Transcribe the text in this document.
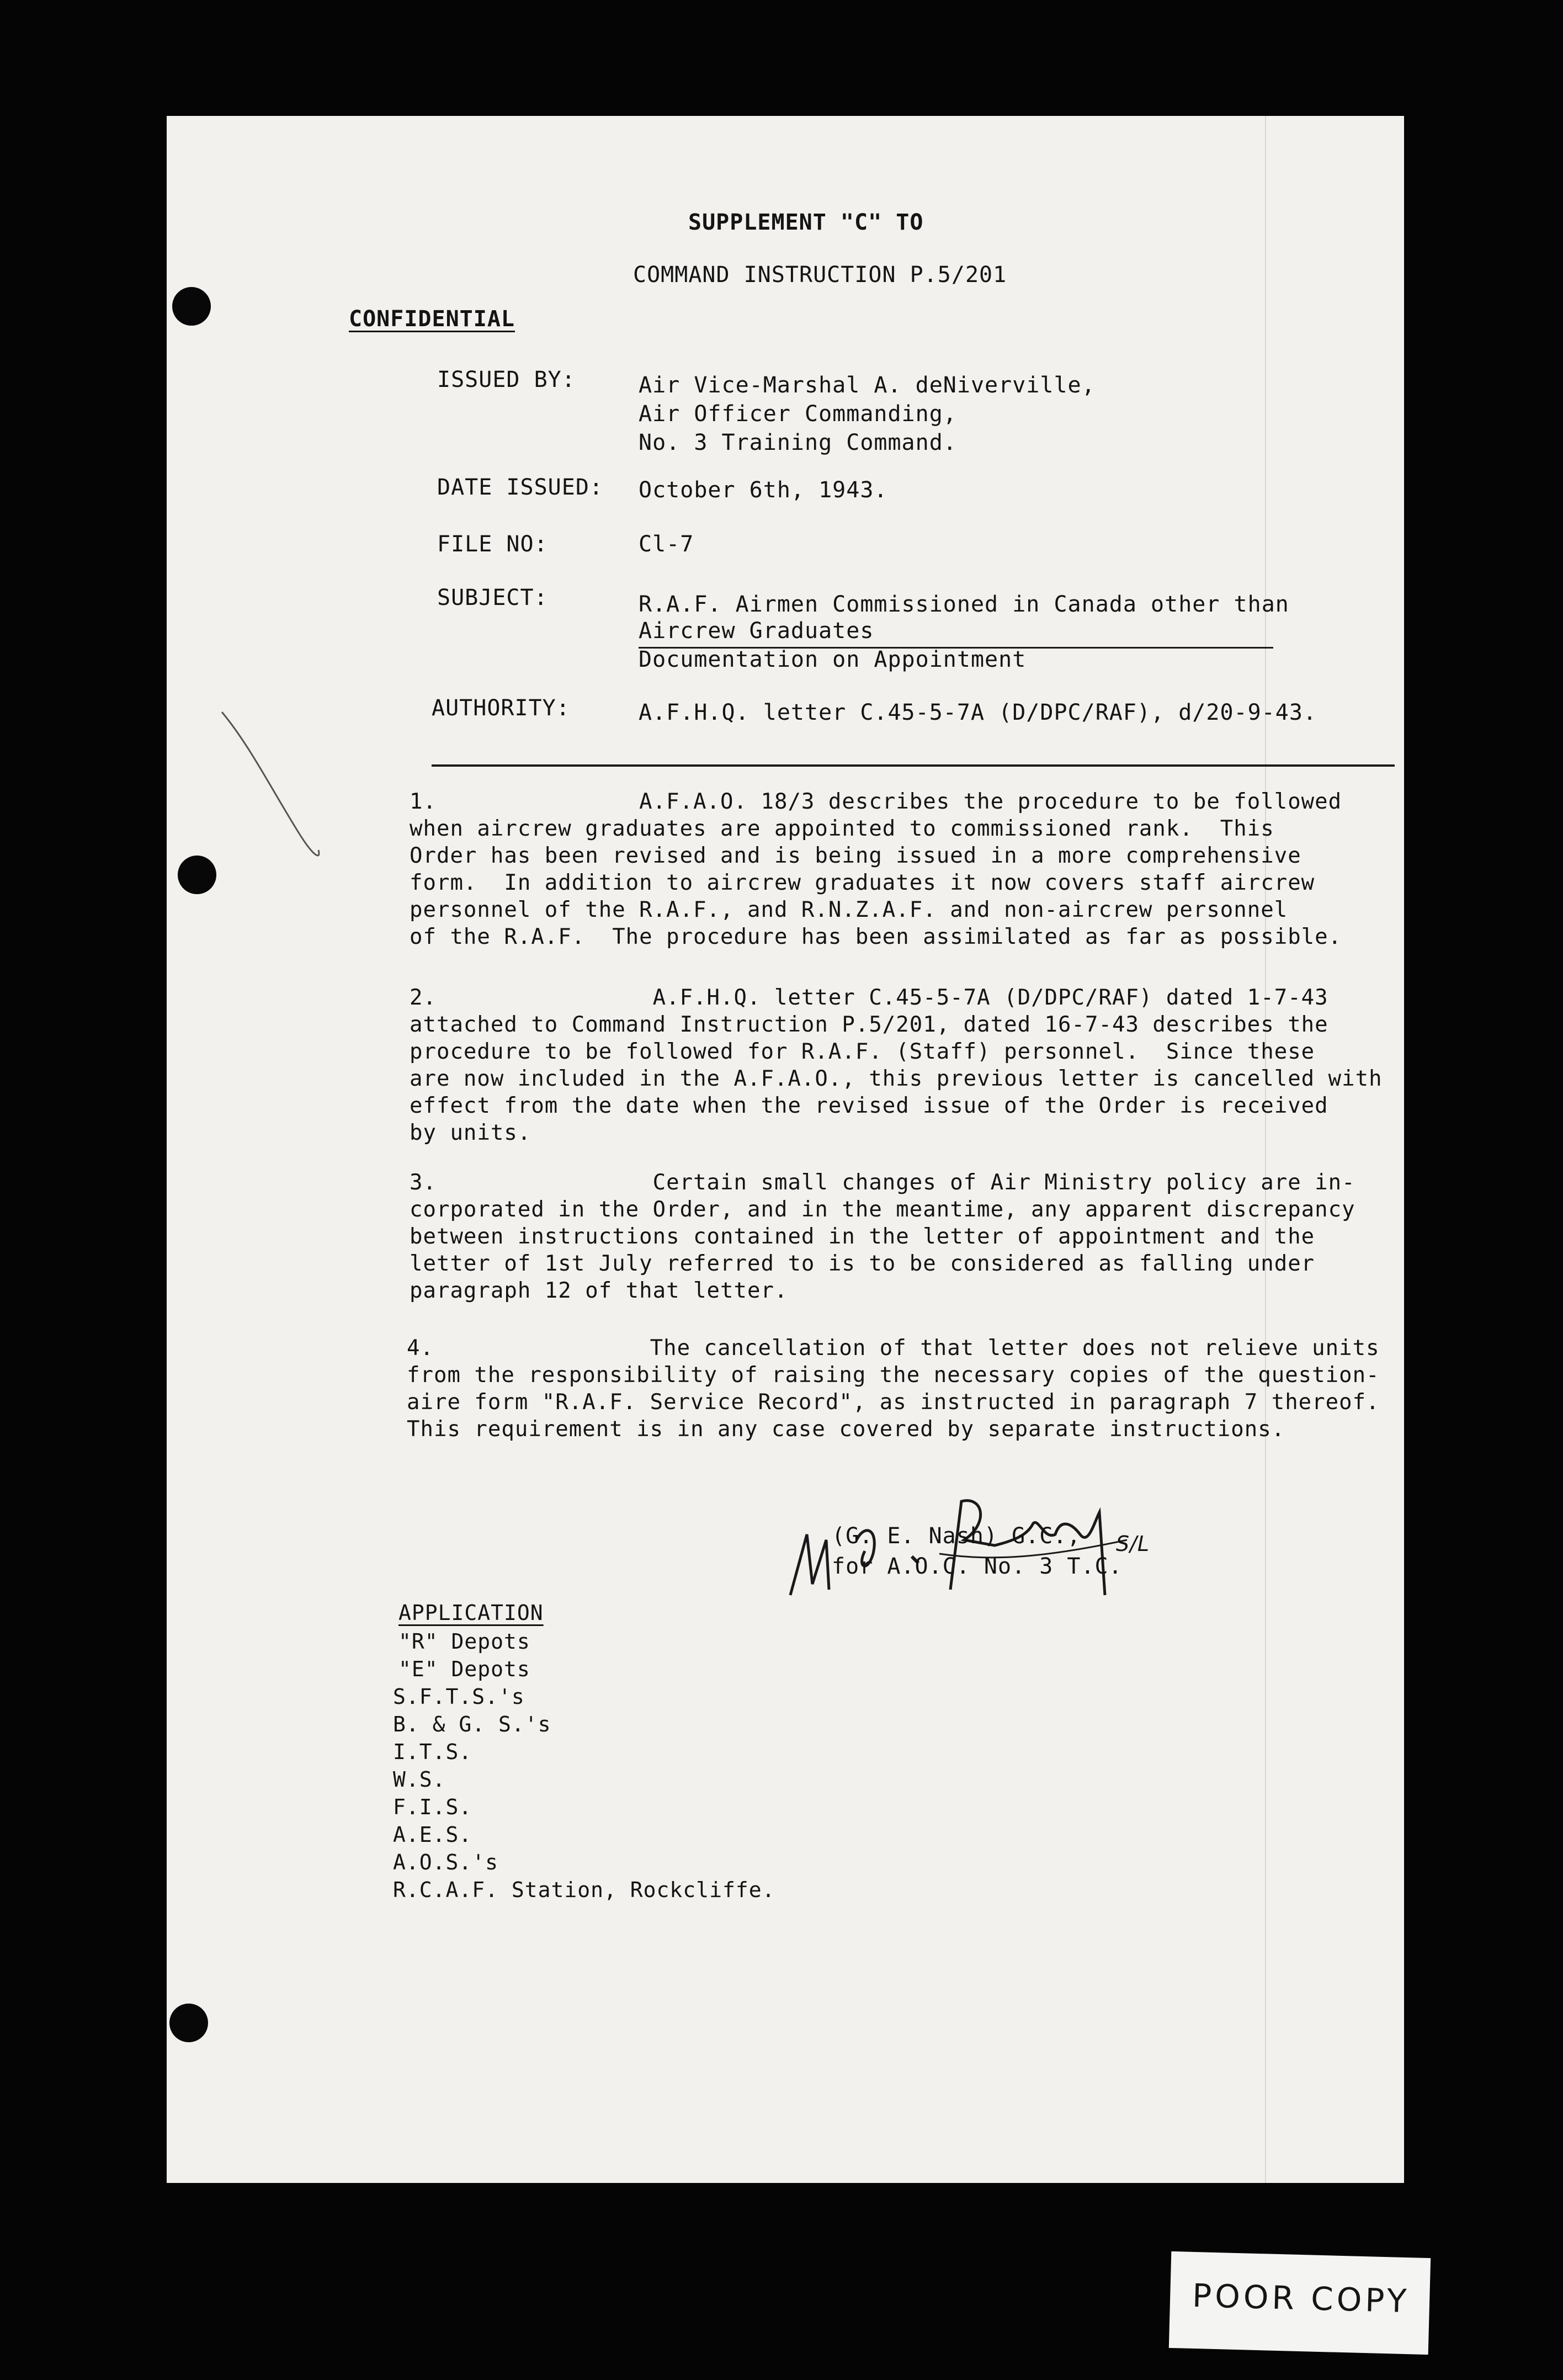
SUPPLEMENT "C" TO
COMMAND INSTRUCTION P.5/201
CONFIDENTIAL
ISSUED BY:	Air Vice-Marshal A. deNiverville,
Air Officer Commanding,
No. 3 Training Command.
DATE ISSUED: October 6th, 1943.
FILE NO:	Cl-7
SUBJECT:	R.A.F. Airmen Commissioned in Canada other than
Aircrew Graduates
Documentation on Appointment
AUTHORITY:	A.F.H.Q. letter C.45-5-7A (D/DPC/RAF), d/20-9-43.
1.               A.F.A.O. 18/3 describes the procedure to be followed
when aircrew graduates are appointed to commissioned rank.  This
Order has been revised and is being issued in a more comprehensive
form.  In addition to aircrew graduates it now covers staff aircrew
personnel of the R.A.F., and R.N.Z.A.F. and non-aircrew personnel
of the R.A.F.  The procedure has been assimilated as far as possible.
2.                A.F.H.Q. letter C.45-5-7A (D/DPC/RAF) dated 1-7-43
attached to Command Instruction P.5/201, dated 16-7-43 describes the
procedure to be followed for R.A.F. (Staff) personnel.  Since these
are now included in the A.F.A.O., this previous letter is cancelled with
effect from the date when the revised issue of the Order is received
by units.
3.                Certain small changes of Air Ministry policy are in-
corporated in the Order, and in the meantime, any apparent discrepancy
between instructions contained in the letter of appointment and the
letter of 1st July referred to is to be considered as falling under
paragraph 12 of that letter.
4.                The cancellation of that letter does not relieve units
from the responsibility of raising the necessary copies of the question-
aire form "R.A.F. Service Record", as instructed in paragraph 7 thereof.
This requirement is in any case covered by separate instructions.
S/L
(G. E. Nash) G.C.,
for A.O.C. No. 3 T.C.
APPLICATION
"R" Depots
"E" Depots
S.F.T.S.'s
B. & G. S.'s
I.T.S.
W.S.
F.I.S.
A.E.S.
A.O.S.'s
R.C.A.F. Station, Rockcliffe.
POOR COPY
